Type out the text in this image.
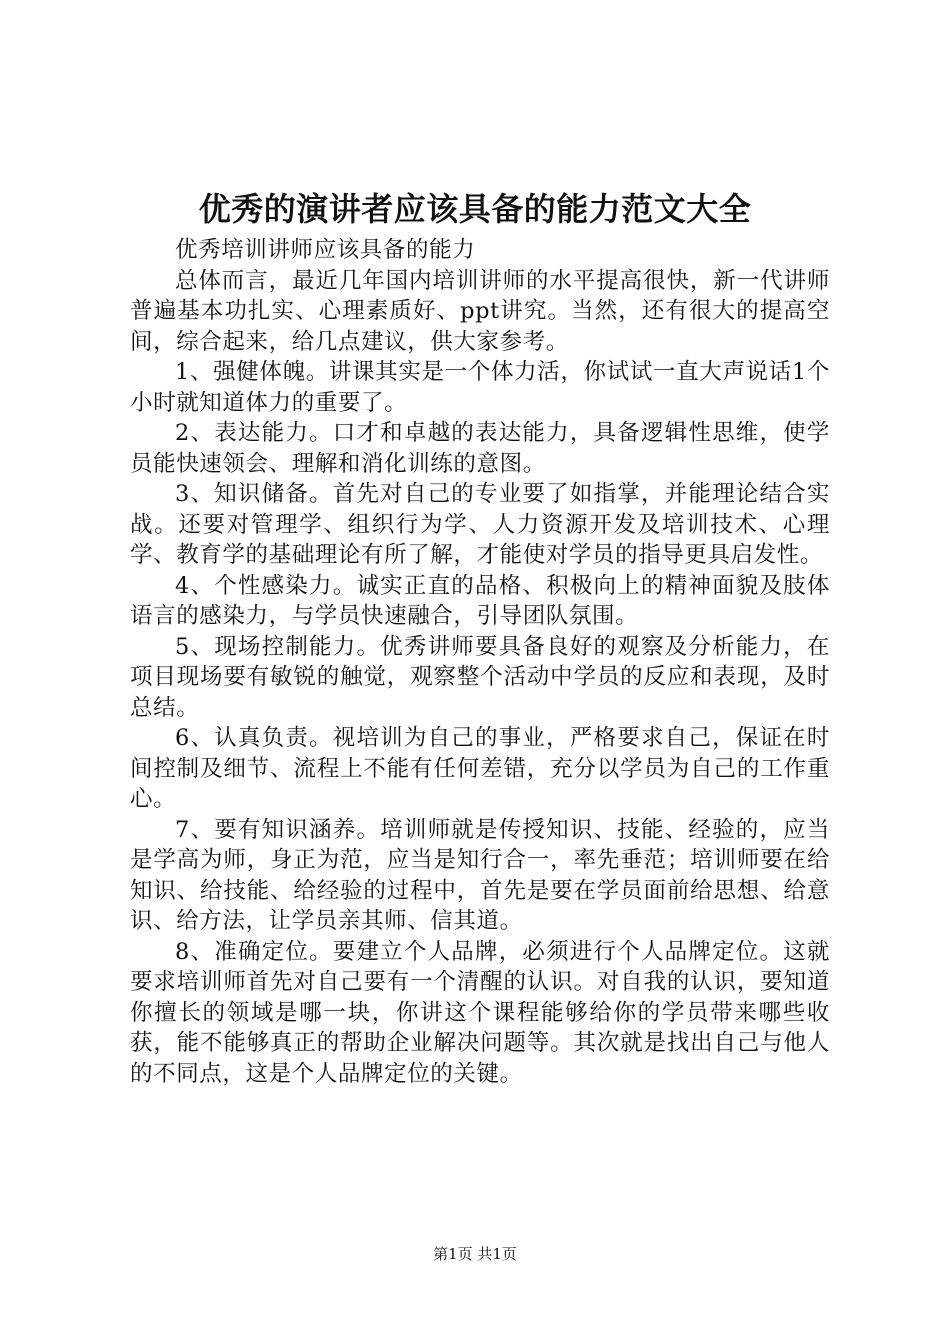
优秀的演讲者应该具备的能力范文大全

优秀培训讲师应该具备的能力

总体而言，最近几年国内培训讲师的水平提高很快，新一代讲师普遍基本功扎实、心理素质好、ppt讲究。当然，还有很大的提高空间，综合起来，给几点建议，供大家参考。

1、强健体魄。讲课其实是一个体力活，你试试一直大声说话1个小时就知道体力的重要了。

2、表达能力。口才和卓越的表达能力，具备逻辑性思维，使学员能快速领会、理解和消化训练的意图。

3、知识储备。首先对自己的专业要了如指掌，并能理论结合实战。还要对管理学、组织行为学、人力资源开发及培训技术、心理学、教育学的基础理论有所了解，才能使对学员的指导更具启发性。

4、个性感染力。诚实正直的品格、积极向上的精神面貌及肢体语言的感染力，与学员快速融合，引导团队氛围。

5、现场控制能力。优秀讲师要具备良好的观察及分析能力，在项目现场要有敏锐的触觉，观察整个活动中学员的反应和表现，及时总结。

6、认真负责。视培训为自己的事业，严格要求自己，保证在时间控制及细节、流程上不能有任何差错，充分以学员为自己的工作重心。

7、要有知识涵养。培训师就是传授知识、技能、经验的，应当是学高为师，身正为范，应当是知行合一，率先垂范；培训师要在给知识、给技能、给经验的过程中，首先是要在学员面前给思想、给意识、给方法，让学员亲其师、信其道。

8、准确定位。要建立个人品牌，必须进行个人品牌定位。这就要求培训师首先对自己要有一个清醒的认识。对自我的认识，要知道你擅长的领域是哪一块，你讲这个课程能够给你的学员带来哪些收获，能不能够真正的帮助企业解决问题等。其次就是找出自己与他人的不同点，这是个人品牌定位的关键。

第1页 共1页
